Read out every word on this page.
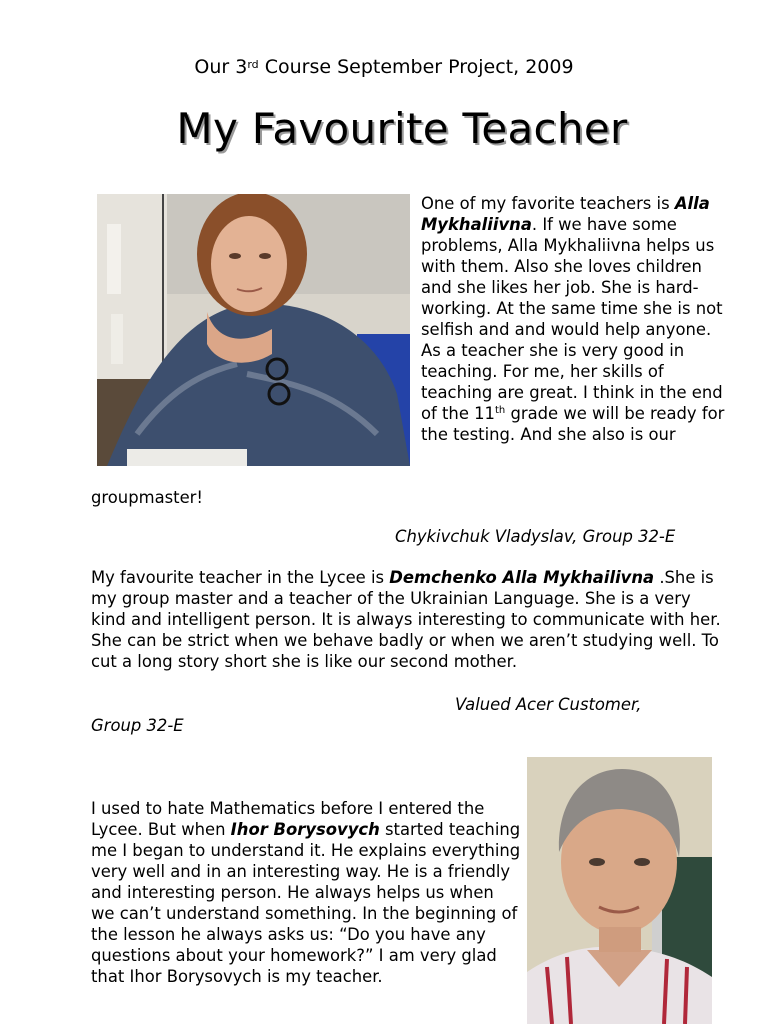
Our 3rd Course September Project, 2009
My Favourite Teacher
One of my favorite teachers is Alla Mykhaliivna. If we have some problems, Alla Mykhaliivna helps us with them. Also she loves children and she likes her job. She is hard-working. At the same time she is not selfish and and would help anyone. As a teacher she is very good in teaching. For me, her skills of teaching are great. I think in the end of the 11th grade we will be ready for the testing. And she also is our
groupmaster!
Chykivchuk Vladyslav, Group 32-E
My favourite teacher in the Lycee is Demchenko Alla Mykhailivna .She is my group master and a teacher of the Ukrainian Language. She is a very kind and intelligent person. It is always interesting to communicate with her. She can be strict when we behave badly or when we aren’t studying well. To cut a long story short she is like our second mother.
Valued Acer Customer,
Group 32-E
I used to hate Mathematics before I entered the Lycee. But when Ihor Borysovych started teaching me I began to understand it. He explains everything very well and in an interesting way. He is a friendly and interesting person. He always helps us when we can’t understand something. In the beginning of the lesson he always asks us: “Do you have any questions about your homework?” I am very glad that Ihor Borysovych is my teacher.
